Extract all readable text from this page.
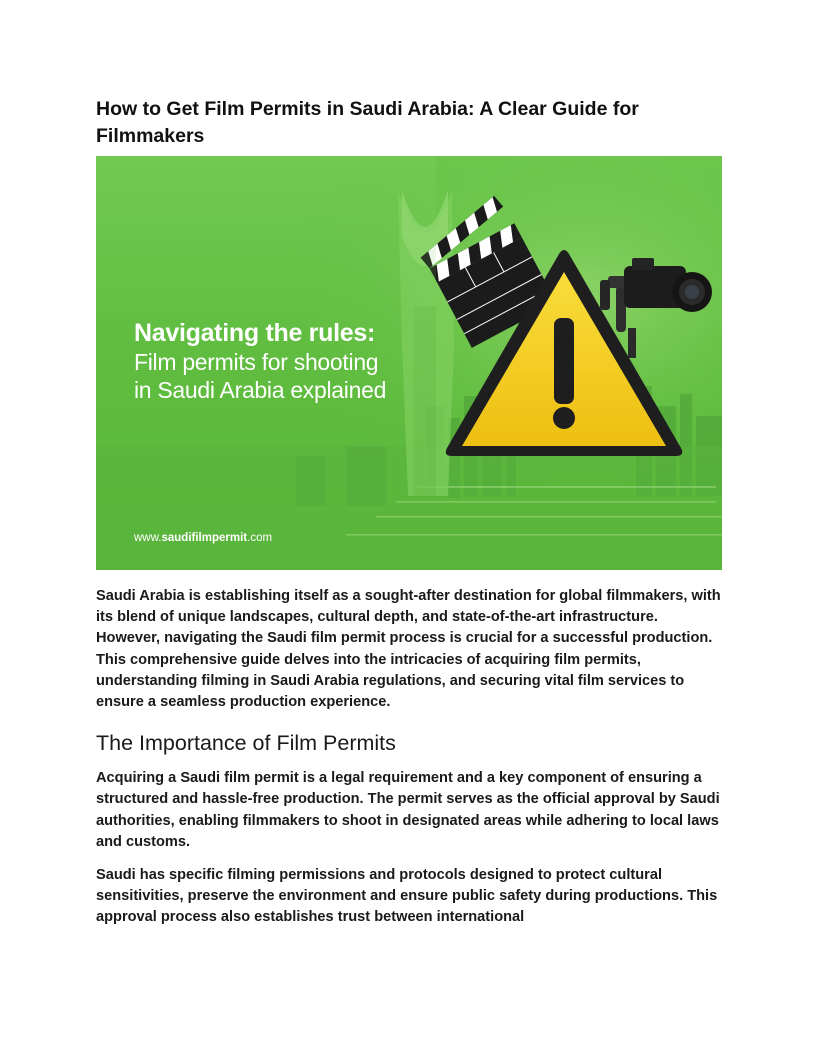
How to Get Film Permits in Saudi Arabia: A Clear Guide for Filmmakers

Navigating the rules:
Film permits for shooting
in Saudi Arabia explained

www.saudifilmpermit.com

Saudi Arabia is establishing itself as a sought-after destination for global filmmakers, with its blend of unique landscapes, cultural depth, and state-of-the-art infrastructure. However, navigating the Saudi film permit process is crucial for a successful production. This comprehensive guide delves into the intricacies of acquiring film permits, understanding filming in Saudi Arabia regulations, and securing vital film services to ensure a seamless production experience.

The Importance of Film Permits

Acquiring a Saudi film permit is a legal requirement and a key component of ensuring a structured and hassle-free production. The permit serves as the official approval by Saudi authorities, enabling filmmakers to shoot in designated areas while adhering to local laws and customs.

Saudi has specific filming permissions and protocols designed to protect cultural sensitivities, preserve the environment and ensure public safety during productions. This approval process also establishes trust between international
